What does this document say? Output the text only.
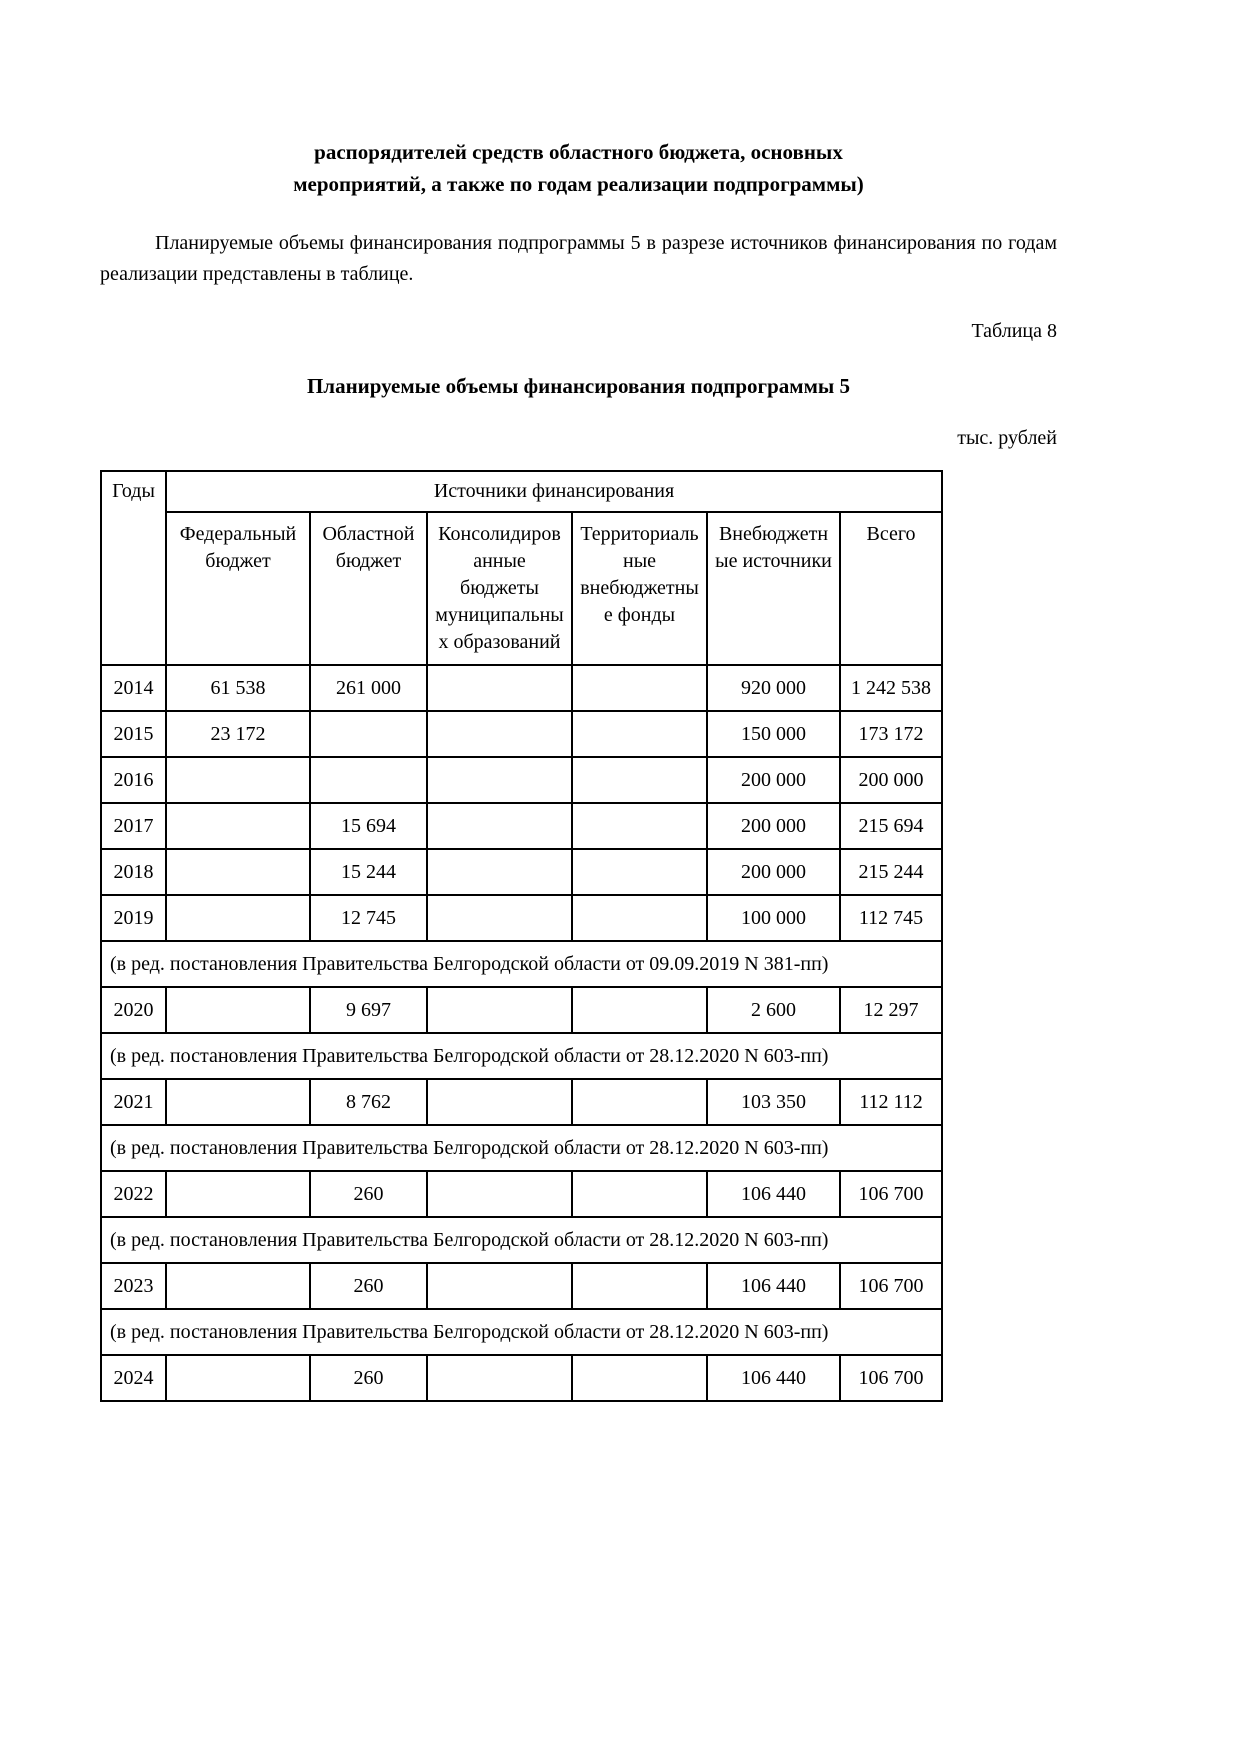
распорядителей средств областного бюджета, основных
мероприятий, а также по годам реализации подпрограммы)

Планируемые объемы финансирования подпрограммы 5 в разрезе источников финансирования по годам реализации представлены в таблице.

Таблица 8
Планируемые объемы финансирования подпрограммы 5
тыс. рублей
Годы	Источники финансирования					
	Федеральный бюджет	Областной бюджет	Консолидированные бюджеты муниципальных образований	Территориальные внебюджетные фонды	Внебюджетные источники	Всего
2014	61 538	261 000			920 000	1 242 538
2015	23 172				150 000	173 172
2016					200 000	200 000
2017		15 694			200 000	215 694
2018		15 244			200 000	215 244
2019		12 745			100 000	112 745
(в ред. постановления Правительства Белгородской области от 09.09.2019 N 381-пп)						
2020		9 697			2 600	12 297
(в ред. постановления Правительства Белгородской области от 28.12.2020 N 603-пп)						
2021		8 762			103 350	112 112
(в ред. постановления Правительства Белгородской области от 28.12.2020 N 603-пп)						
2022		260			106 440	106 700
(в ред. постановления Правительства Белгородской области от 28.12.2020 N 603-пп)						
2023		260			106 440	106 700
(в ред. постановления Правительства Белгородской области от 28.12.2020 N 603-пп)						
2024		260			106 440	106 700
